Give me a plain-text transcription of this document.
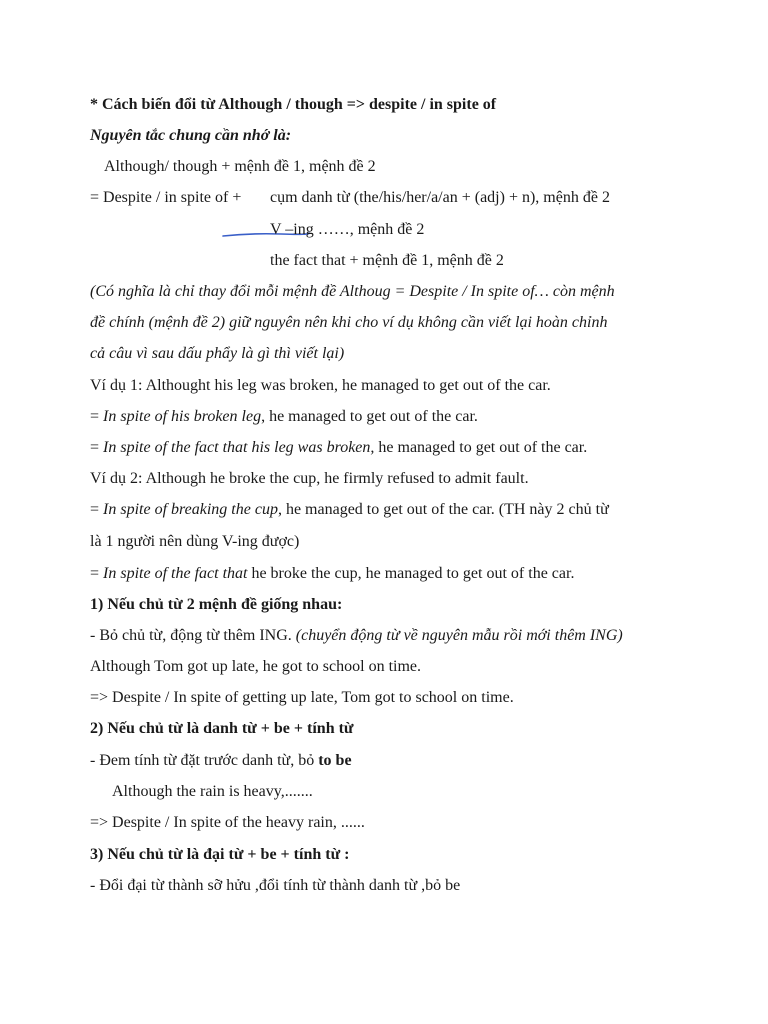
* Cách biến đổi từ Although / though => despite / in spite of
Nguyên tắc chung cần nhớ là:
Although/ though + mệnh đề 1, mệnh đề 2
= Despite / in spite of + cụm danh từ (the/his/her/a/an + (adj) + n), mệnh đề 2
V –ing ……, mệnh đề 2
the fact that + mệnh đề 1, mệnh đề 2
(Có nghĩa là chỉ thay đổi mỗi mệnh đề Althoug = Despite / In spite of… còn mệnh
đề chính (mệnh đề 2) giữ nguyên nên khi cho ví dụ không cần viết lại hoàn chỉnh
cả câu vì sau dấu phẩy là gì thì viết lại)
Ví dụ 1: Althought his leg was broken, he managed to get out of the car.
= In spite of his broken leg, he managed to get out of the car.
= In spite of the fact that his leg was broken, he managed to get out of the car.
Ví dụ 2: Although he broke the cup, he firmly refused to admit fault.
= In spite of breaking the cup, he managed to get out of the car. (TH này 2 chủ từ
là 1 người nên dùng V-ing được)
= In spite of the fact that he broke the cup, he managed to get out of the car.
1) Nếu chủ từ 2 mệnh đề giống nhau:
- Bỏ chủ từ, động từ thêm ING. (chuyển động từ về nguyên mẫu rồi mới thêm ING)
Although Tom got up late, he got to school on time.
=> Despite / In spite of getting up late, Tom got to school on time.
2) Nếu chủ từ là danh từ + be + tính từ
- Đem tính từ đặt trước danh từ, bỏ to be
Although the rain is heavy,.......
=> Despite / In spite of the heavy rain, ......
3) Nếu chủ từ là đại từ + be + tính từ :
- Đổi đại từ thành sỡ hửu ,đổi tính từ thành danh từ ,bỏ be
